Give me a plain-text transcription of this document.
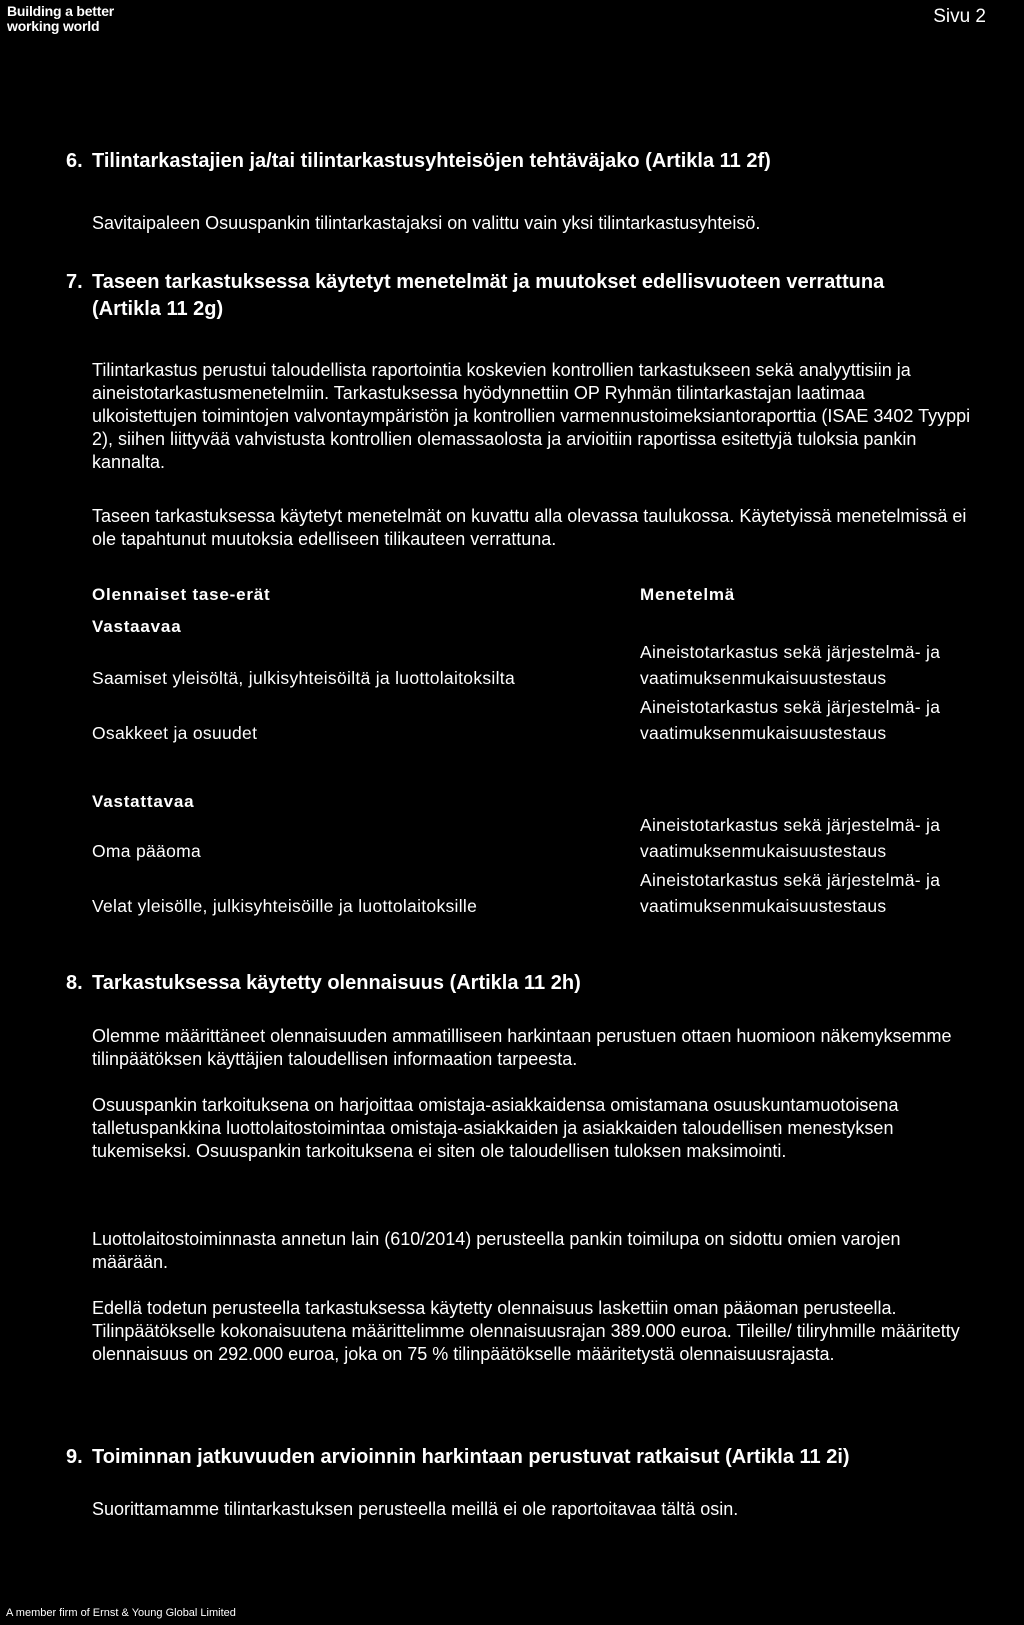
Building a better
working world	Sivu 2
6. Tilintarkastajien ja/tai tilintarkastusyhteisöjen tehtäväjako (Artikla 11 2f)
Savitaipaleen Osuuspankin tilintarkastajaksi on valittu vain yksi tilintarkastusyhteisö.
7. Taseen tarkastuksessa käytetyt menetelmät ja muutokset edellisvuoteen verrattuna (Artikla 11 2g)
Tilintarkastus perustui taloudellista raportointia koskevien kontrollien tarkastukseen sekä analyyttisiin ja aineistotarkastusmenetelmiin. Tarkastuksessa hyödynnettiin OP Ryhmän tilintarkastajan laatimaa ulkoistettujen toimintojen valvontaympäristön ja kontrollien varmennustoimeksiantoraporttia (ISAE 3402 Tyyppi 2), siihen liittyvää vahvistusta kontrollien olemassaolosta ja arvioitiin raportissa esitettyjä tuloksia pankin kannalta.
Taseen tarkastuksessa käytetyt menetelmät on kuvattu alla olevassa taulukossa. Käytetyissä menetelmissä ei ole tapahtunut muutoksia edelliseen tilikauteen verrattuna.
Olennaiset tase-erät	Menetelmä
Vastaavaa
Saamiset yleisöltä, julkisyhteisöiltä ja luottolaitoksilta
Aineistotarkastus sekä järjestelmä- ja
vaatimuksenmukaisuustestaus
Osakkeet ja osuudet
Aineistotarkastus sekä järjestelmä- ja
vaatimuksenmukaisuustestaus
Vastattavaa
Oma pääoma
Aineistotarkastus sekä järjestelmä- ja
vaatimuksenmukaisuustestaus
Velat yleisölle, julkisyhteisöille ja luottolaitoksille
Aineistotarkastus sekä järjestelmä- ja
vaatimuksenmukaisuustestaus
8. Tarkastuksessa käytetty olennaisuus (Artikla 11 2h)
Olemme määrittäneet olennaisuuden ammatilliseen harkintaan perustuen ottaen huomioon näkemyksemme tilinpäätöksen käyttäjien taloudellisen informaation tarpeesta.
Osuuspankin tarkoituksena on harjoittaa omistaja-asiakkaidensa omistamana osuuskuntamuotoisena talletuspankkina luottolaitostoimintaa omistaja-asiakkaiden ja asiakkaiden taloudellisen menestyksen tukemiseksi. Osuuspankin tarkoituksena ei siten ole taloudellisen tuloksen maksimointi.
Luottolaitostoiminnasta annetun lain (610/2014) perusteella pankin toimilupa on sidottu omien varojen määrään.
Edellä todetun perusteella tarkastuksessa käytetty olennaisuus laskettiin oman pääoman perusteella. Tilinpäätökselle kokonaisuutena määrittelimme olennaisuusrajan 389.000 euroa. Tileille/ tiliryhmille määritetty olennaisuus on 292.000 euroa, joka on 75 % tilinpäätökselle määritetystä olennaisuusrajasta.
9. Toiminnan jatkuvuuden arvioinnin harkintaan perustuvat ratkaisut (Artikla 11 2i)
Suorittamamme tilintarkastuksen perusteella meillä ei ole raportoitavaa tältä osin.
A member firm of Ernst & Young Global Limited
